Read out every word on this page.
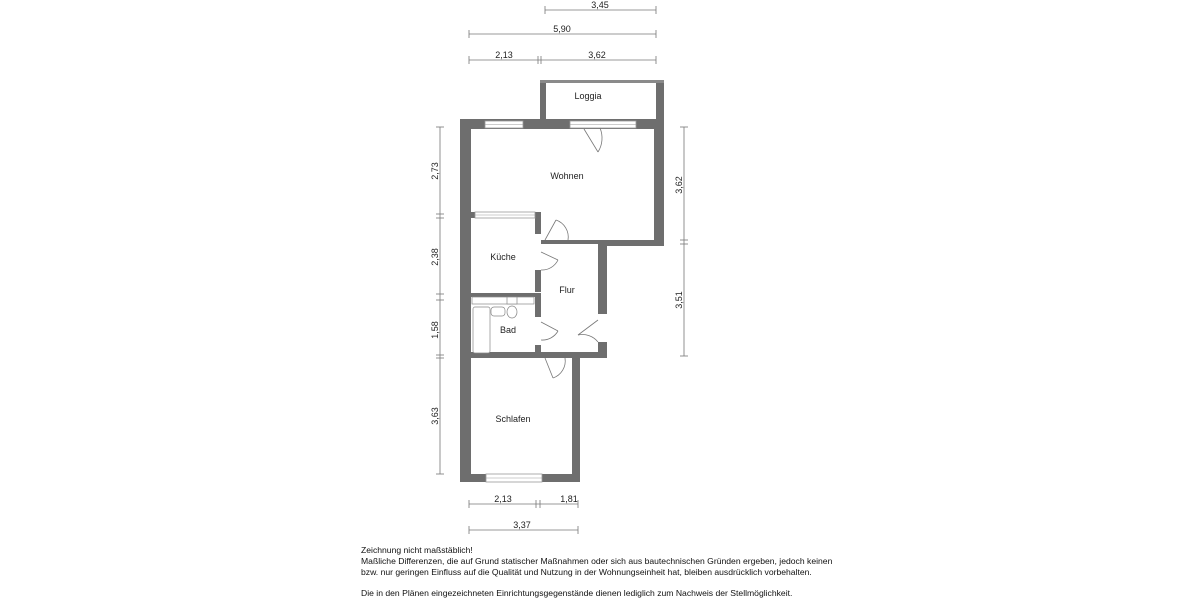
Loggia
Wohnen
Küche
Flur
Bad
Schlafen
3,45
5,90
2,13	3,62
2,73
2,38
1,58
3,63
3,62
3,51
2,13	1,81
3,37

Zeichnung nicht maßstäblich!

Maßliche Differenzen, die auf Grund statischer Maßnahmen oder sich aus bautechnischen Gründen ergeben, jedoch keinen

bzw. nur geringen Einfluss auf die Qualität und Nutzung in der Wohnungseinheit hat, bleiben ausdrücklich vorbehalten.

Die in den Plänen eingezeichneten Einrichtungsgegenstände dienen lediglich zum Nachweis der Stellmöglichkeit.
